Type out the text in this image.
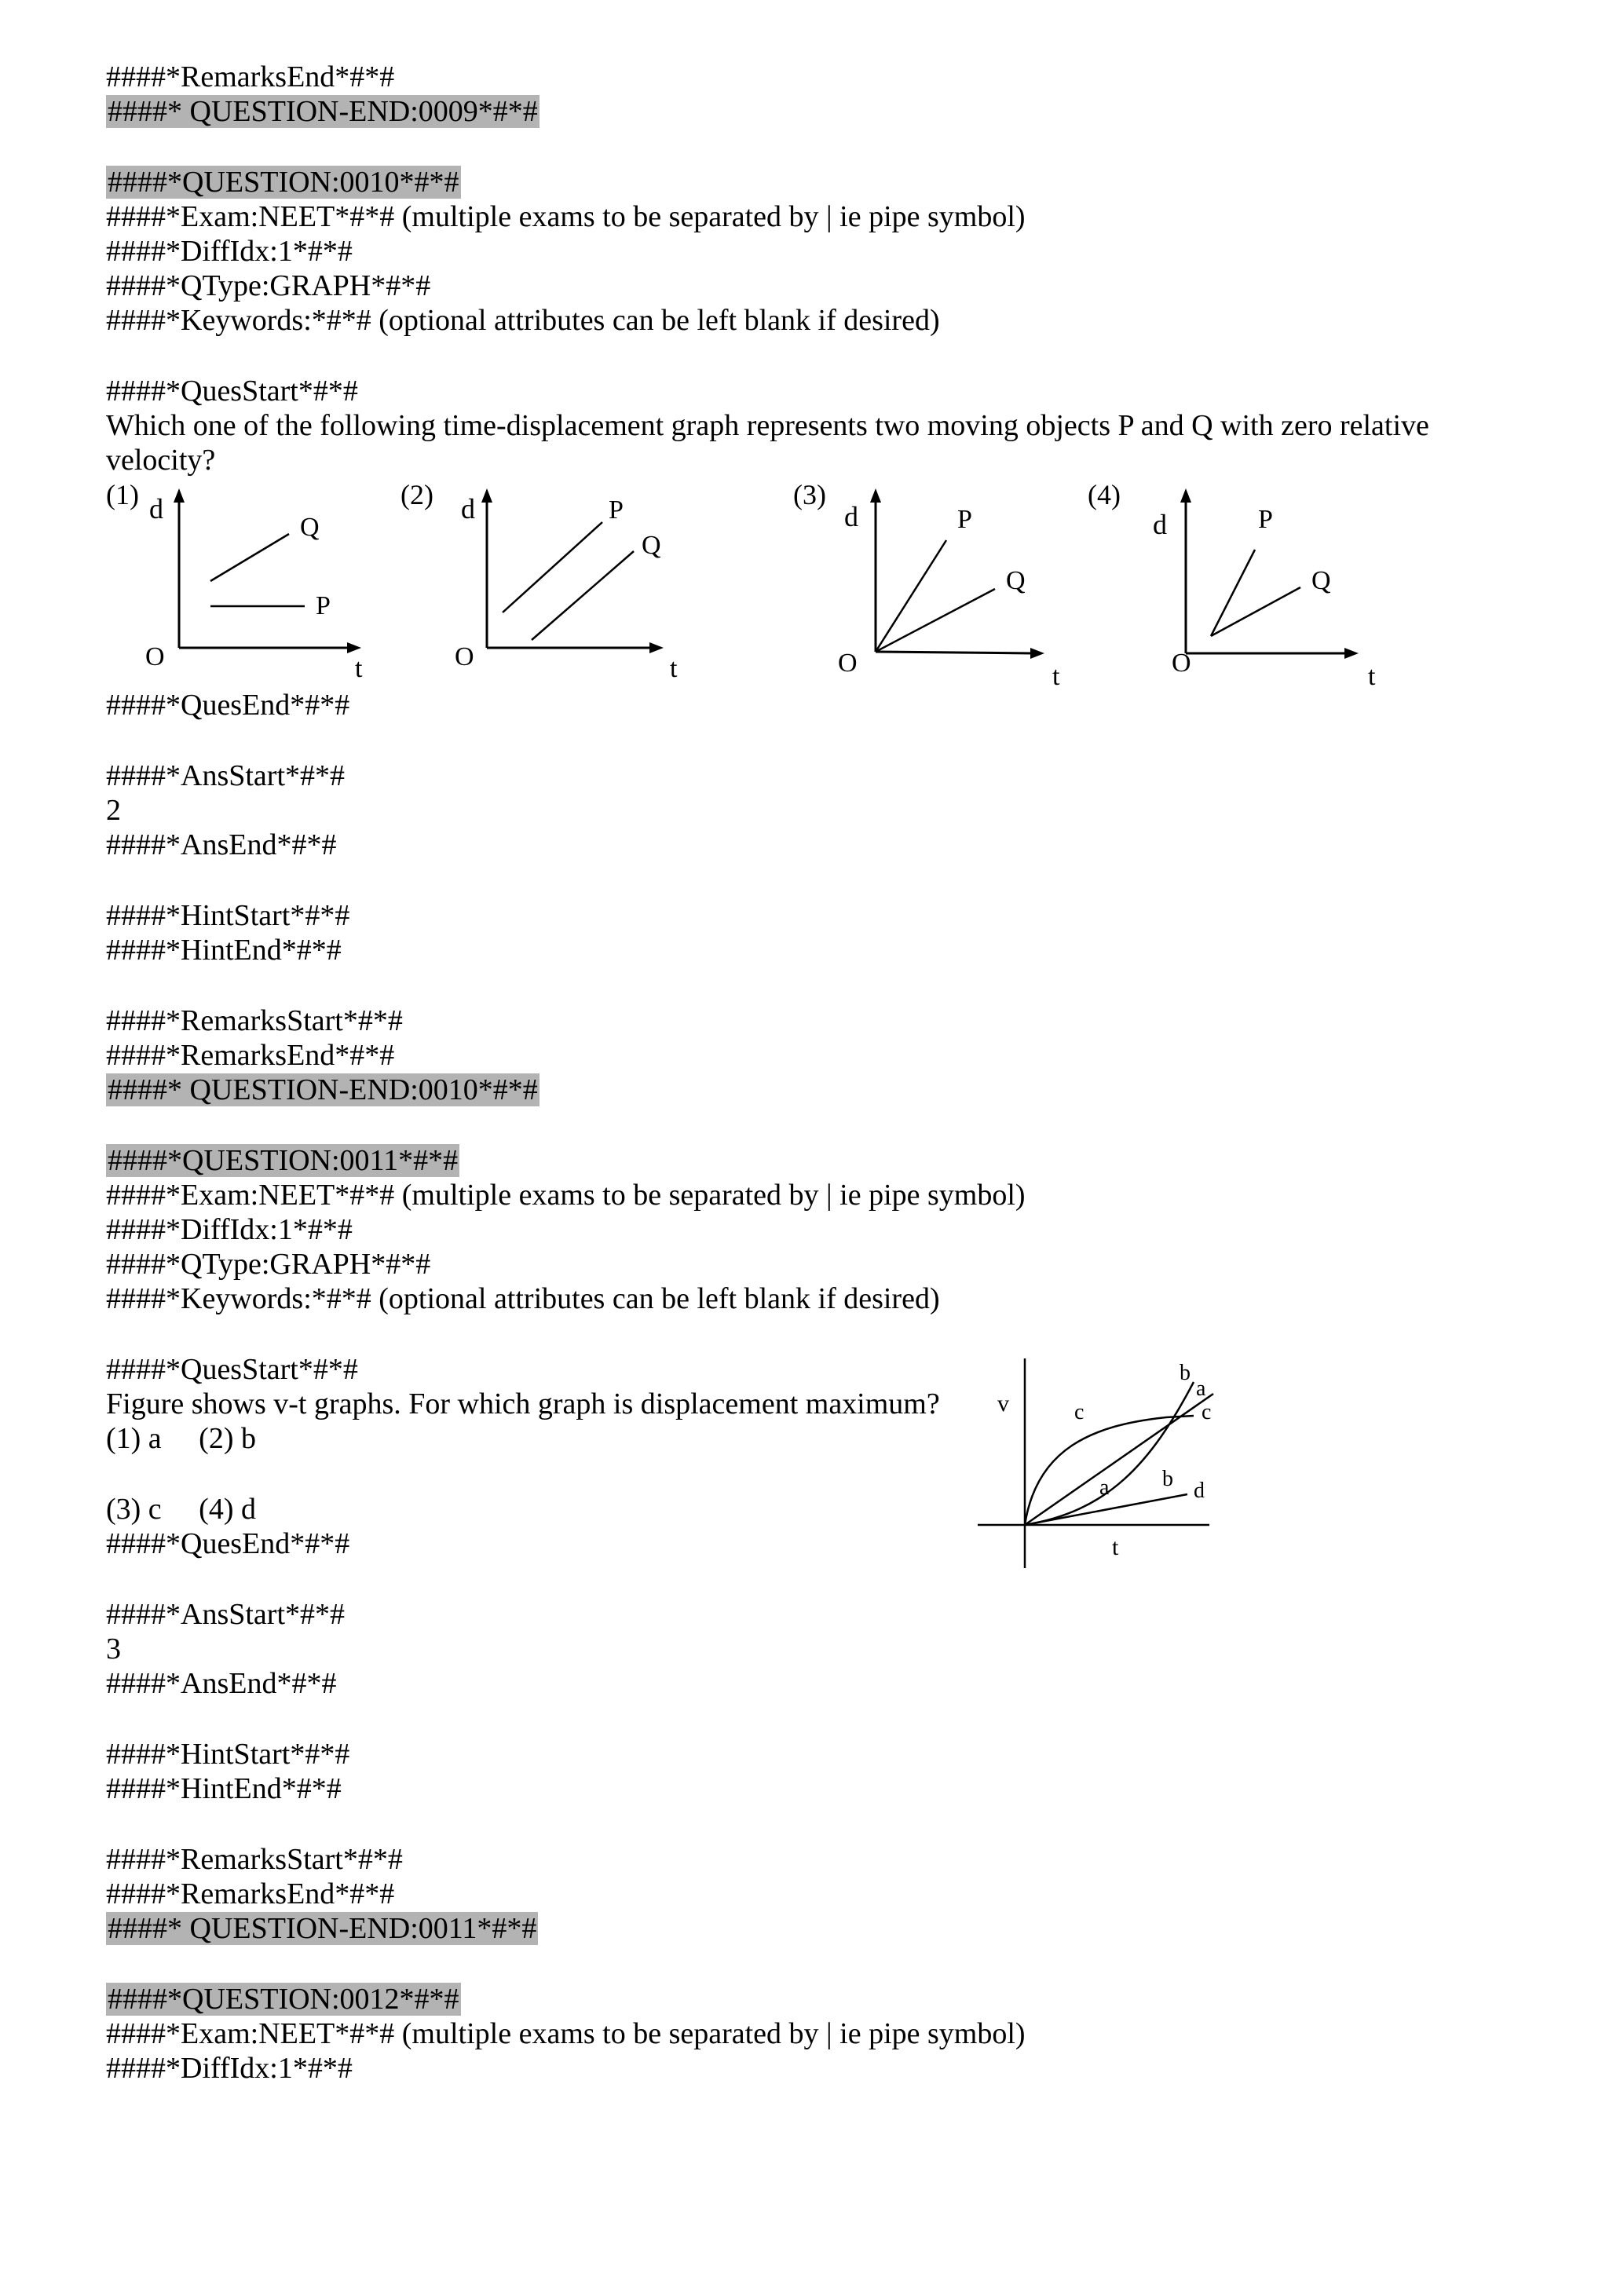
####*RemarksEnd*#*#
####* QUESTION-END:0009*#*#
####*QUESTION:0010*#*#
####*Exam:NEET*#*# (multiple exams to be separated by | ie pipe symbol)
####*DiffIdx:1*#*#
####*QType:GRAPH*#*#
####*Keywords:*#*# (optional attributes can be left blank if desired)
####*QuesStart*#*#
Which one of the following time-displacement graph represents two moving objects P and Q with zero relative
velocity?
(1) d
Q
P
O	t
(2) d	P
Q
O	t
(3)
d	P
Q
O	t
(4)
d	P
Q
O	t
####*QuesEnd*#*#
####*AnsStart*#*#
2
####*AnsEnd*#*#
####*HintStart*#*#
####*HintEnd*#*#
####*RemarksStart*#*#
####*RemarksEnd*#*#
####* QUESTION-END:0010*#*#
####*QUESTION:0011*#*#
####*Exam:NEET*#*# (multiple exams to be separated by | ie pipe symbol)
####*DiffIdx:1*#*#
####*QType:GRAPH*#*#
####*Keywords:*#*# (optional attributes can be left blank if desired)
####*QuesStart*#*#
Figure shows v-t graphs. For which graph is displacement maximum?
(1) a     (2) b
(3) c     (4) d
v
t
c
b
a
c
a b d
####*QuesEnd*#*#
####*AnsStart*#*#
3
####*AnsEnd*#*#
####*HintStart*#*#
####*HintEnd*#*#
####*RemarksStart*#*#
####*RemarksEnd*#*#
####* QUESTION-END:0011*#*#
####*QUESTION:0012*#*#
####*Exam:NEET*#*# (multiple exams to be separated by | ie pipe symbol)
####*DiffIdx:1*#*#
